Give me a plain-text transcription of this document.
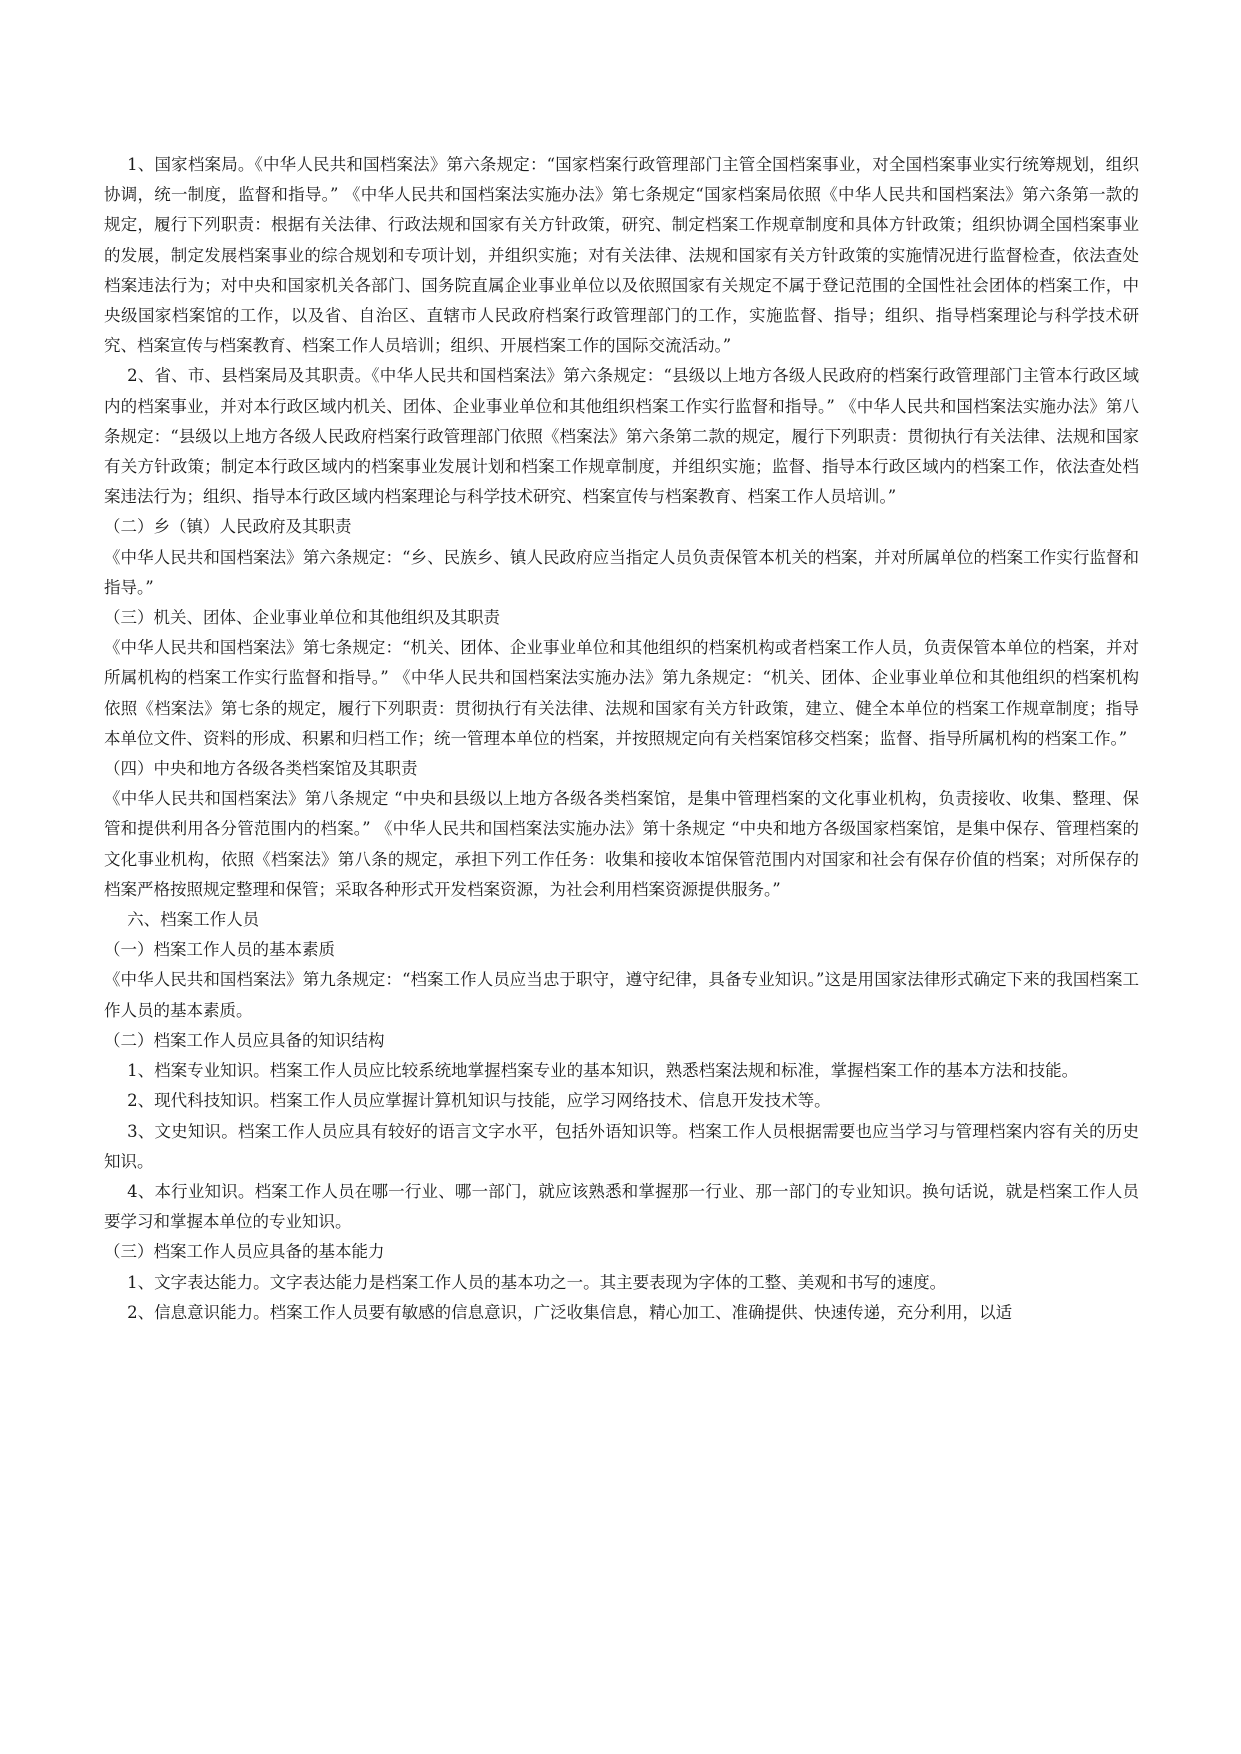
1、国家档案局。《中华人民共和国档案法》第六条规定：“国家档案行政管理部门主管全国档案事业，对全国档案事业实行统筹规划，组织协调，统一制度，监督和指导。” 《中华人民共和国档案法实施办法》第七条规定“国家档案局依照《中华人民共和国档案法》第六条第一款的规定，履行下列职责：根据有关法律、行政法规和国家有关方针政策，研究、制定档案工作规章制度和具体方针政策；组织协调全国档案事业的发展，制定发展档案事业的综合规划和专项计划，并组织实施；对有关法律、法规和国家有关方针政策的实施情况进行监督检查，依法查处档案违法行为；对中央和国家机关各部门、国务院直属企业事业单位以及依照国家有关规定不属于登记范围的全国性社会团体的档案工作，中央级国家档案馆的工作，以及省、自治区、直辖市人民政府档案行政管理部门的工作，实施监督、指导；组织、指导档案理论与科学技术研究、档案宣传与档案教育、档案工作人员培训；组织、开展档案工作的国际交流活动。”

2、省、市、县档案局及其职责。《中华人民共和国档案法》第六条规定：“县级以上地方各级人民政府的档案行政管理部门主管本行政区域内的档案事业，并对本行政区域内机关、团体、企业事业单位和其他组织档案工作实行监督和指导。” 《中华人民共和国档案法实施办法》第八条规定：“县级以上地方各级人民政府档案行政管理部门依照《档案法》第六条第二款的规定，履行下列职责：贯彻执行有关法律、法规和国家有关方针政策；制定本行政区域内的档案事业发展计划和档案工作规章制度，并组织实施；监督、指导本行政区域内的档案工作，依法查处档案违法行为；组织、指导本行政区域内档案理论与科学技术研究、档案宣传与档案教育、档案工作人员培训。”

（二）乡（镇）人民政府及其职责

《中华人民共和国档案法》第六条规定：“乡、民族乡、镇人民政府应当指定人员负责保管本机关的档案，并对所属单位的档案工作实行监督和指导。”

（三）机关、团体、企业事业单位和其他组织及其职责

《中华人民共和国档案法》第七条规定：“机关、团体、企业事业单位和其他组织的档案机构或者档案工作人员，负责保管本单位的档案，并对所属机构的档案工作实行监督和指导。” 《中华人民共和国档案法实施办法》第九条规定：“机关、团体、企业事业单位和其他组织的档案机构依照《档案法》第七条的规定，履行下列职责：贯彻执行有关法律、法规和国家有关方针政策，建立、健全本单位的档案工作规章制度；指导本单位文件、资料的形成、积累和归档工作；统一管理本单位的档案，并按照规定向有关档案馆移交档案；监督、指导所属机构的档案工作。”

（四）中央和地方各级各类档案馆及其职责

《中华人民共和国档案法》第八条规定 “中央和县级以上地方各级各类档案馆，是集中管理档案的文化事业机构，负责接收、收集、整理、保管和提供利用各分管范围内的档案。” 《中华人民共和国档案法实施办法》第十条规定 “中央和地方各级国家档案馆，是集中保存、管理档案的文化事业机构，依照《档案法》第八条的规定，承担下列工作任务：收集和接收本馆保管范围内对国家和社会有保存价值的档案；对所保存的档案严格按照规定整理和保管；采取各种形式开发档案资源，为社会利用档案资源提供服务。”

六、档案工作人员

（一）档案工作人员的基本素质

《中华人民共和国档案法》第九条规定：“档案工作人员应当忠于职守，遵守纪律，具备专业知识。”这是用国家法律形式确定下来的我国档案工作人员的基本素质。

（二）档案工作人员应具备的知识结构

1、档案专业知识。档案工作人员应比较系统地掌握档案专业的基本知识，熟悉档案法规和标准，掌握档案工作的基本方法和技能。

2、现代科技知识。档案工作人员应掌握计算机知识与技能，应学习网络技术、信息开发技术等。

3、文史知识。档案工作人员应具有较好的语言文字水平，包括外语知识等。档案工作人员根据需要也应当学习与管理档案内容有关的历史知识。

4、本行业知识。档案工作人员在哪一行业、哪一部门，就应该熟悉和掌握那一行业、那一部门的专业知识。换句话说，就是档案工作人员要学习和掌握本单位的专业知识。

（三）档案工作人员应具备的基本能力

1、文字表达能力。文字表达能力是档案工作人员的基本功之一。其主要表现为字体的工整、美观和书写的速度。

2、信息意识能力。档案工作人员要有敏感的信息意识，广泛收集信息，精心加工、准确提供、快速传递，充分利用，以适
